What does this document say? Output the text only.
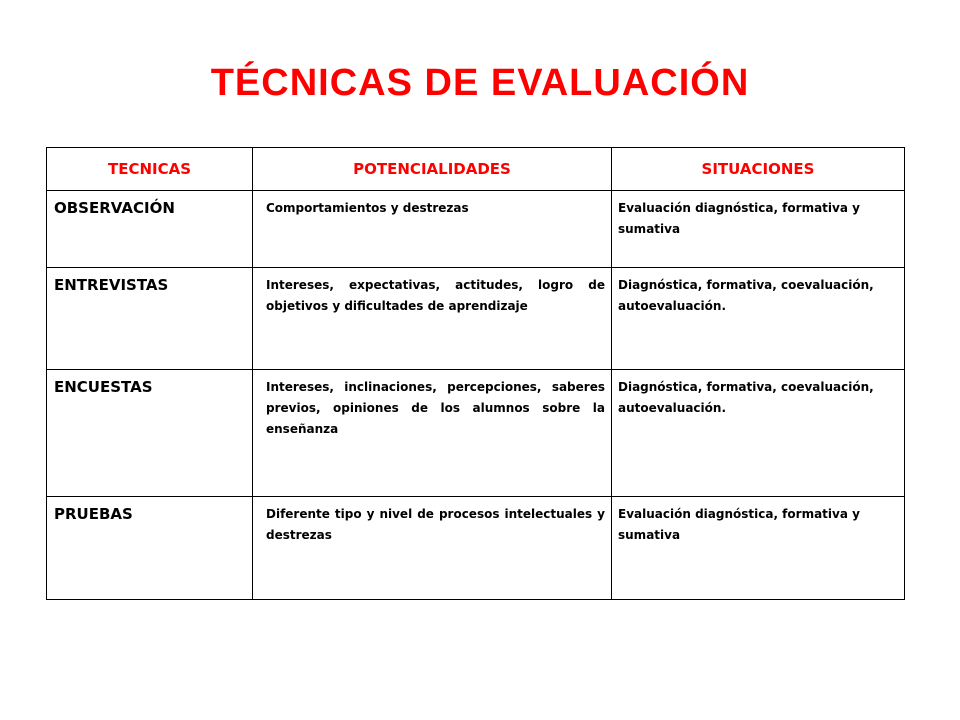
TÉCNICAS DE EVALUACIÓN
TECNICAS	POTENCIALIDADES	SITUACIONES
OBSERVACIÓN	Comportamientos y destrezas	Evaluación diagnóstica, formativa y sumativa
ENTREVISTAS	Intereses, expectativas, actitudes, logro de objetivos y dificultades de aprendizaje	Diagnóstica, formativa, coevaluación, autoevaluación.
ENCUESTAS	Intereses, inclinaciones, percepciones, saberes previos, opiniones de los alumnos sobre la enseñanza	Diagnóstica, formativa, coevaluación, autoevaluación.
PRUEBAS	Diferente tipo y nivel de procesos intelectuales y destrezas	Evaluación diagnóstica, formativa y sumativa
